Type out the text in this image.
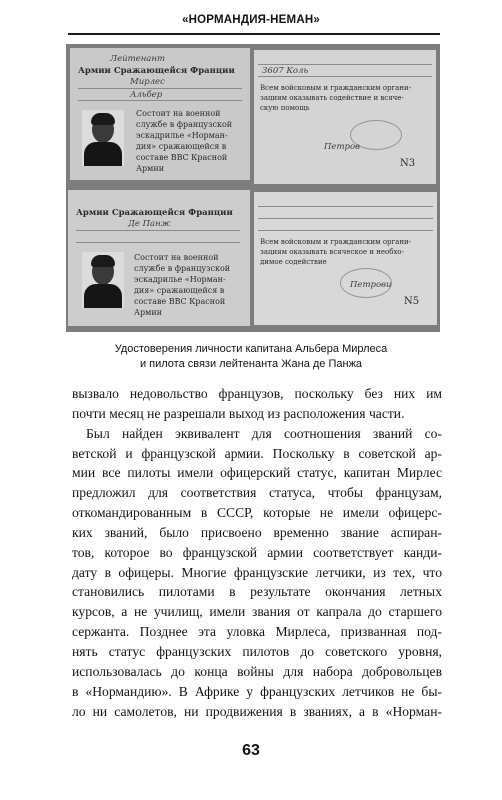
«НОРМАНДИЯ-НЕМАН»
Лейтенант
Армии Сражающейся Франции
Мирлес
Альбер
Состоит на военной
службе в французской
эскадрилье «Норман-
дия» сражающейся в
составе ВВС Красной
Армии
3607 Коль
Всем войсковым и гражданским органи-
зациям оказывать содействие и всяче-
скую помощь
Петров
N3
Армии Сражающейся Франции
Де Панж
Состоит на военной
службе в французской
эскадрилье «Норман-
дия» сражающейся в
составе ВВС Красной
Армии
Всем войсковым и гражданским органи-
зациям оказывать всяческое и необхо-
димое содействие
Петрови
N5
Удостоверения личности капитана Альбера Мирлеса
и пилота связи лейтенанта Жана де Панжа
вызвало недовольство французов, поскольку без них им
почти месяц не разрешали выход из расположения части.
Был найден эквивалент для соотношения званий со-
ветской и французской армии. Поскольку в советской ар-
мии все пилоты имели офицерский статус, капитан Мирлес
предложил для соответствия статуса, чтобы французам,
откомандированным в СССР, которые не имели офицерс-
ких званий, было присвоено временно звание аспиран-
тов, которое во французской армии соответствует канди-
дату в офицеры. Многие французские летчики, из тех, что
становились пилотами в результате окончания летных
курсов, а не училищ, имели звания от капрала до старшего
сержанта. Позднее эта уловка Мирлеса, призванная под-
нять статус французских пилотов до советского уровня,
использовалась до конца войны для набора добровольцев
в «Нормандию». В Африке у французских летчиков не бы-
ло ни самолетов, ни продвижения в званиях, а в «Норман-
63
